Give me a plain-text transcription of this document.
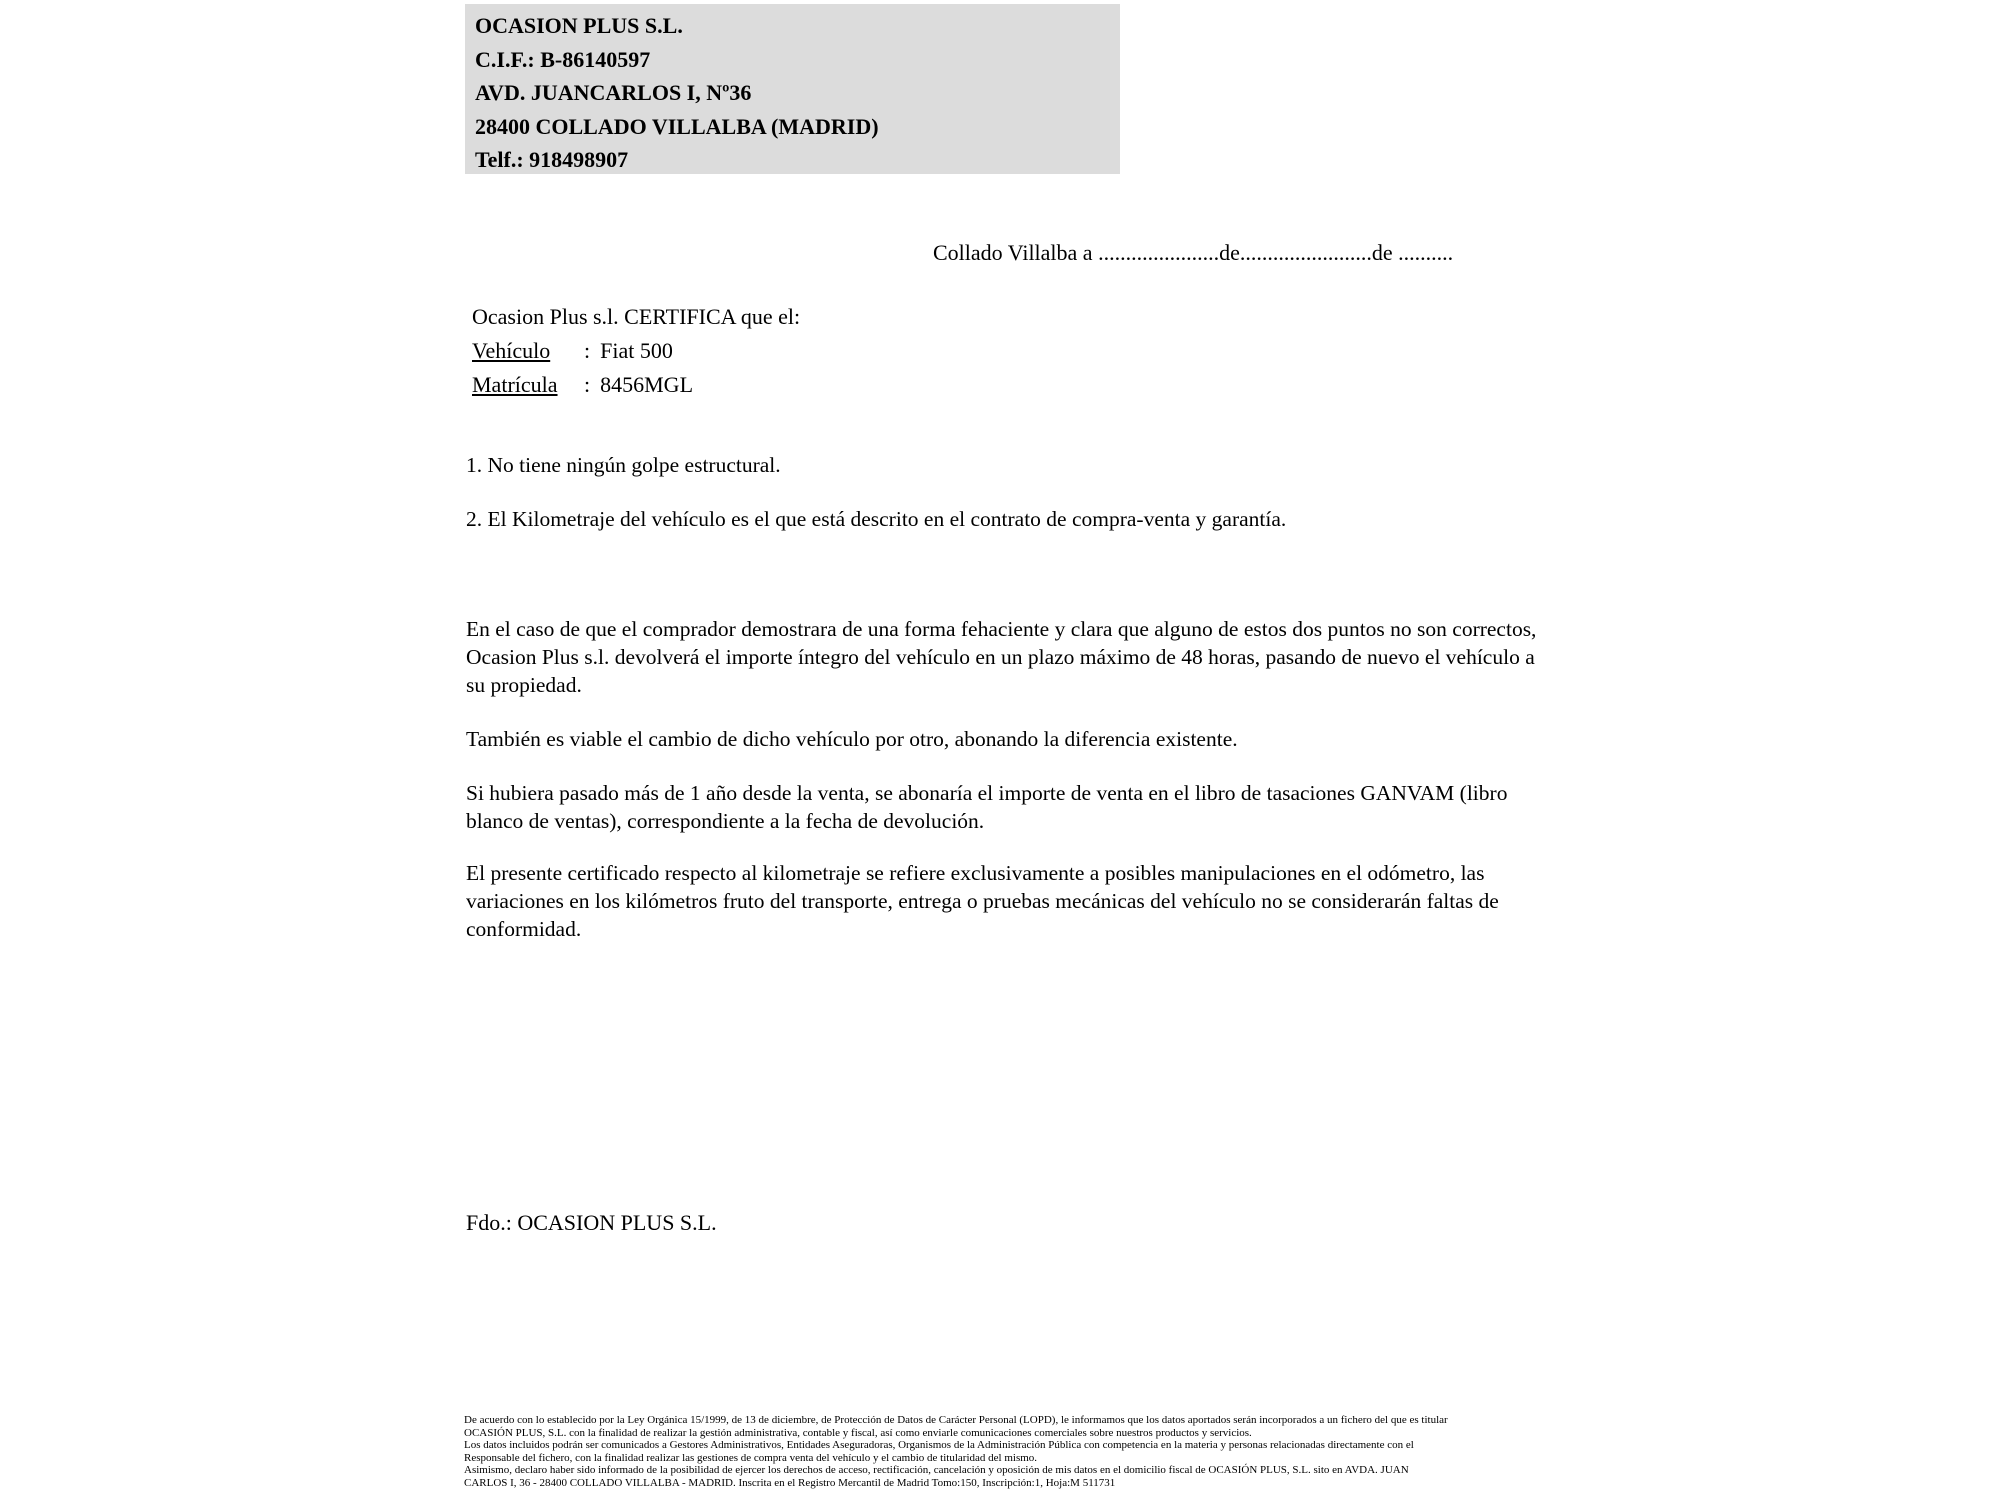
OCASION PLUS S.L.
C.I.F.: B-86140597
AVD. JUANCARLOS I, Nº36
28400 COLLADO VILLALBA (MADRID)
Telf.: 918498907
Collado Villalba a ......................de........................de ..........
Ocasion Plus s.l. CERTIFICA que el:
Vehículo : Fiat 500
Matrícula : 8456MGL
1. No tiene ningún golpe estructural.
2. El Kilometraje del vehículo es el que está descrito en el contrato de compra-venta y garantía.
En el caso de que el comprador demostrara de una forma fehaciente y clara que alguno de estos dos puntos no son correctos, Ocasion Plus s.l. devolverá el importe íntegro del vehículo en un plazo máximo de 48 horas, pasando de nuevo el vehículo a su propiedad.
También es viable el cambio de dicho vehículo por otro, abonando la diferencia existente.
Si hubiera pasado más de 1 año desde la venta, se abonaría el importe de venta en el libro de tasaciones GANVAM (libro blanco de ventas), correspondiente a la fecha de devolución.
El presente certificado respecto al kilometraje se refiere exclusivamente a posibles manipulaciones en el odómetro, las variaciones en los kilómetros fruto del transporte, entrega o pruebas mecánicas del vehículo no se considerarán faltas de conformidad.
Fdo.: OCASION PLUS S.L.
De acuerdo con lo establecido por la Ley Orgánica 15/1999, de 13 de diciembre, de Protección de Datos de Carácter Personal (LOPD), le informamos que los datos aportados serán incorporados a un fichero del que es titular
OCASIÓN PLUS, S.L. con la finalidad de realizar la gestión administrativa, contable y fiscal, así como enviarle comunicaciones comerciales sobre nuestros productos y servicios.
Los datos incluidos podrán ser comunicados a Gestores Administrativos, Entidades Aseguradoras, Organismos de la Administración Pública con competencia en la materia y personas relacionadas directamente con el
Responsable del fichero, con la finalidad realizar las gestiones de compra venta del vehículo y el cambio de titularidad del mismo.
Asimismo, declaro haber sido informado de la posibilidad de ejercer los derechos de acceso, rectificación, cancelación y oposición de mis datos en el domicilio fiscal de OCASIÓN PLUS, S.L. sito en AVDA. JUAN
CARLOS I, 36 - 28400 COLLADO VILLALBA - MADRID. Inscrita en el Registro Mercantil de Madrid Tomo:150, Inscripción:1, Hoja:M 511731
